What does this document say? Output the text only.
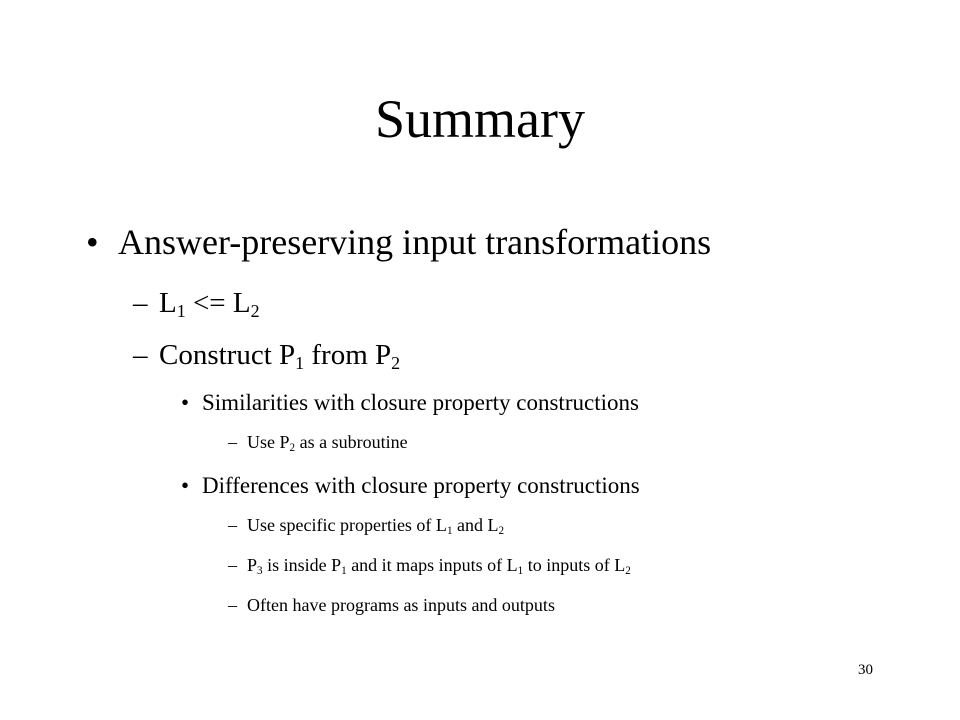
Summary
• Answer-preserving input transformations
– $L_1 <= L_2$
– Construct $P_1$ from $P_2$
• Similarities with closure property constructions
– Use $P_2$ as a subroutine
• Differences with closure property constructions
– Use specific properties of $L_1$ and $L_2$
– $P_3$ is inside $P_1$ and it maps inputs of $L_1$ to inputs of $L_2$
– Often have programs as inputs and outputs
30
